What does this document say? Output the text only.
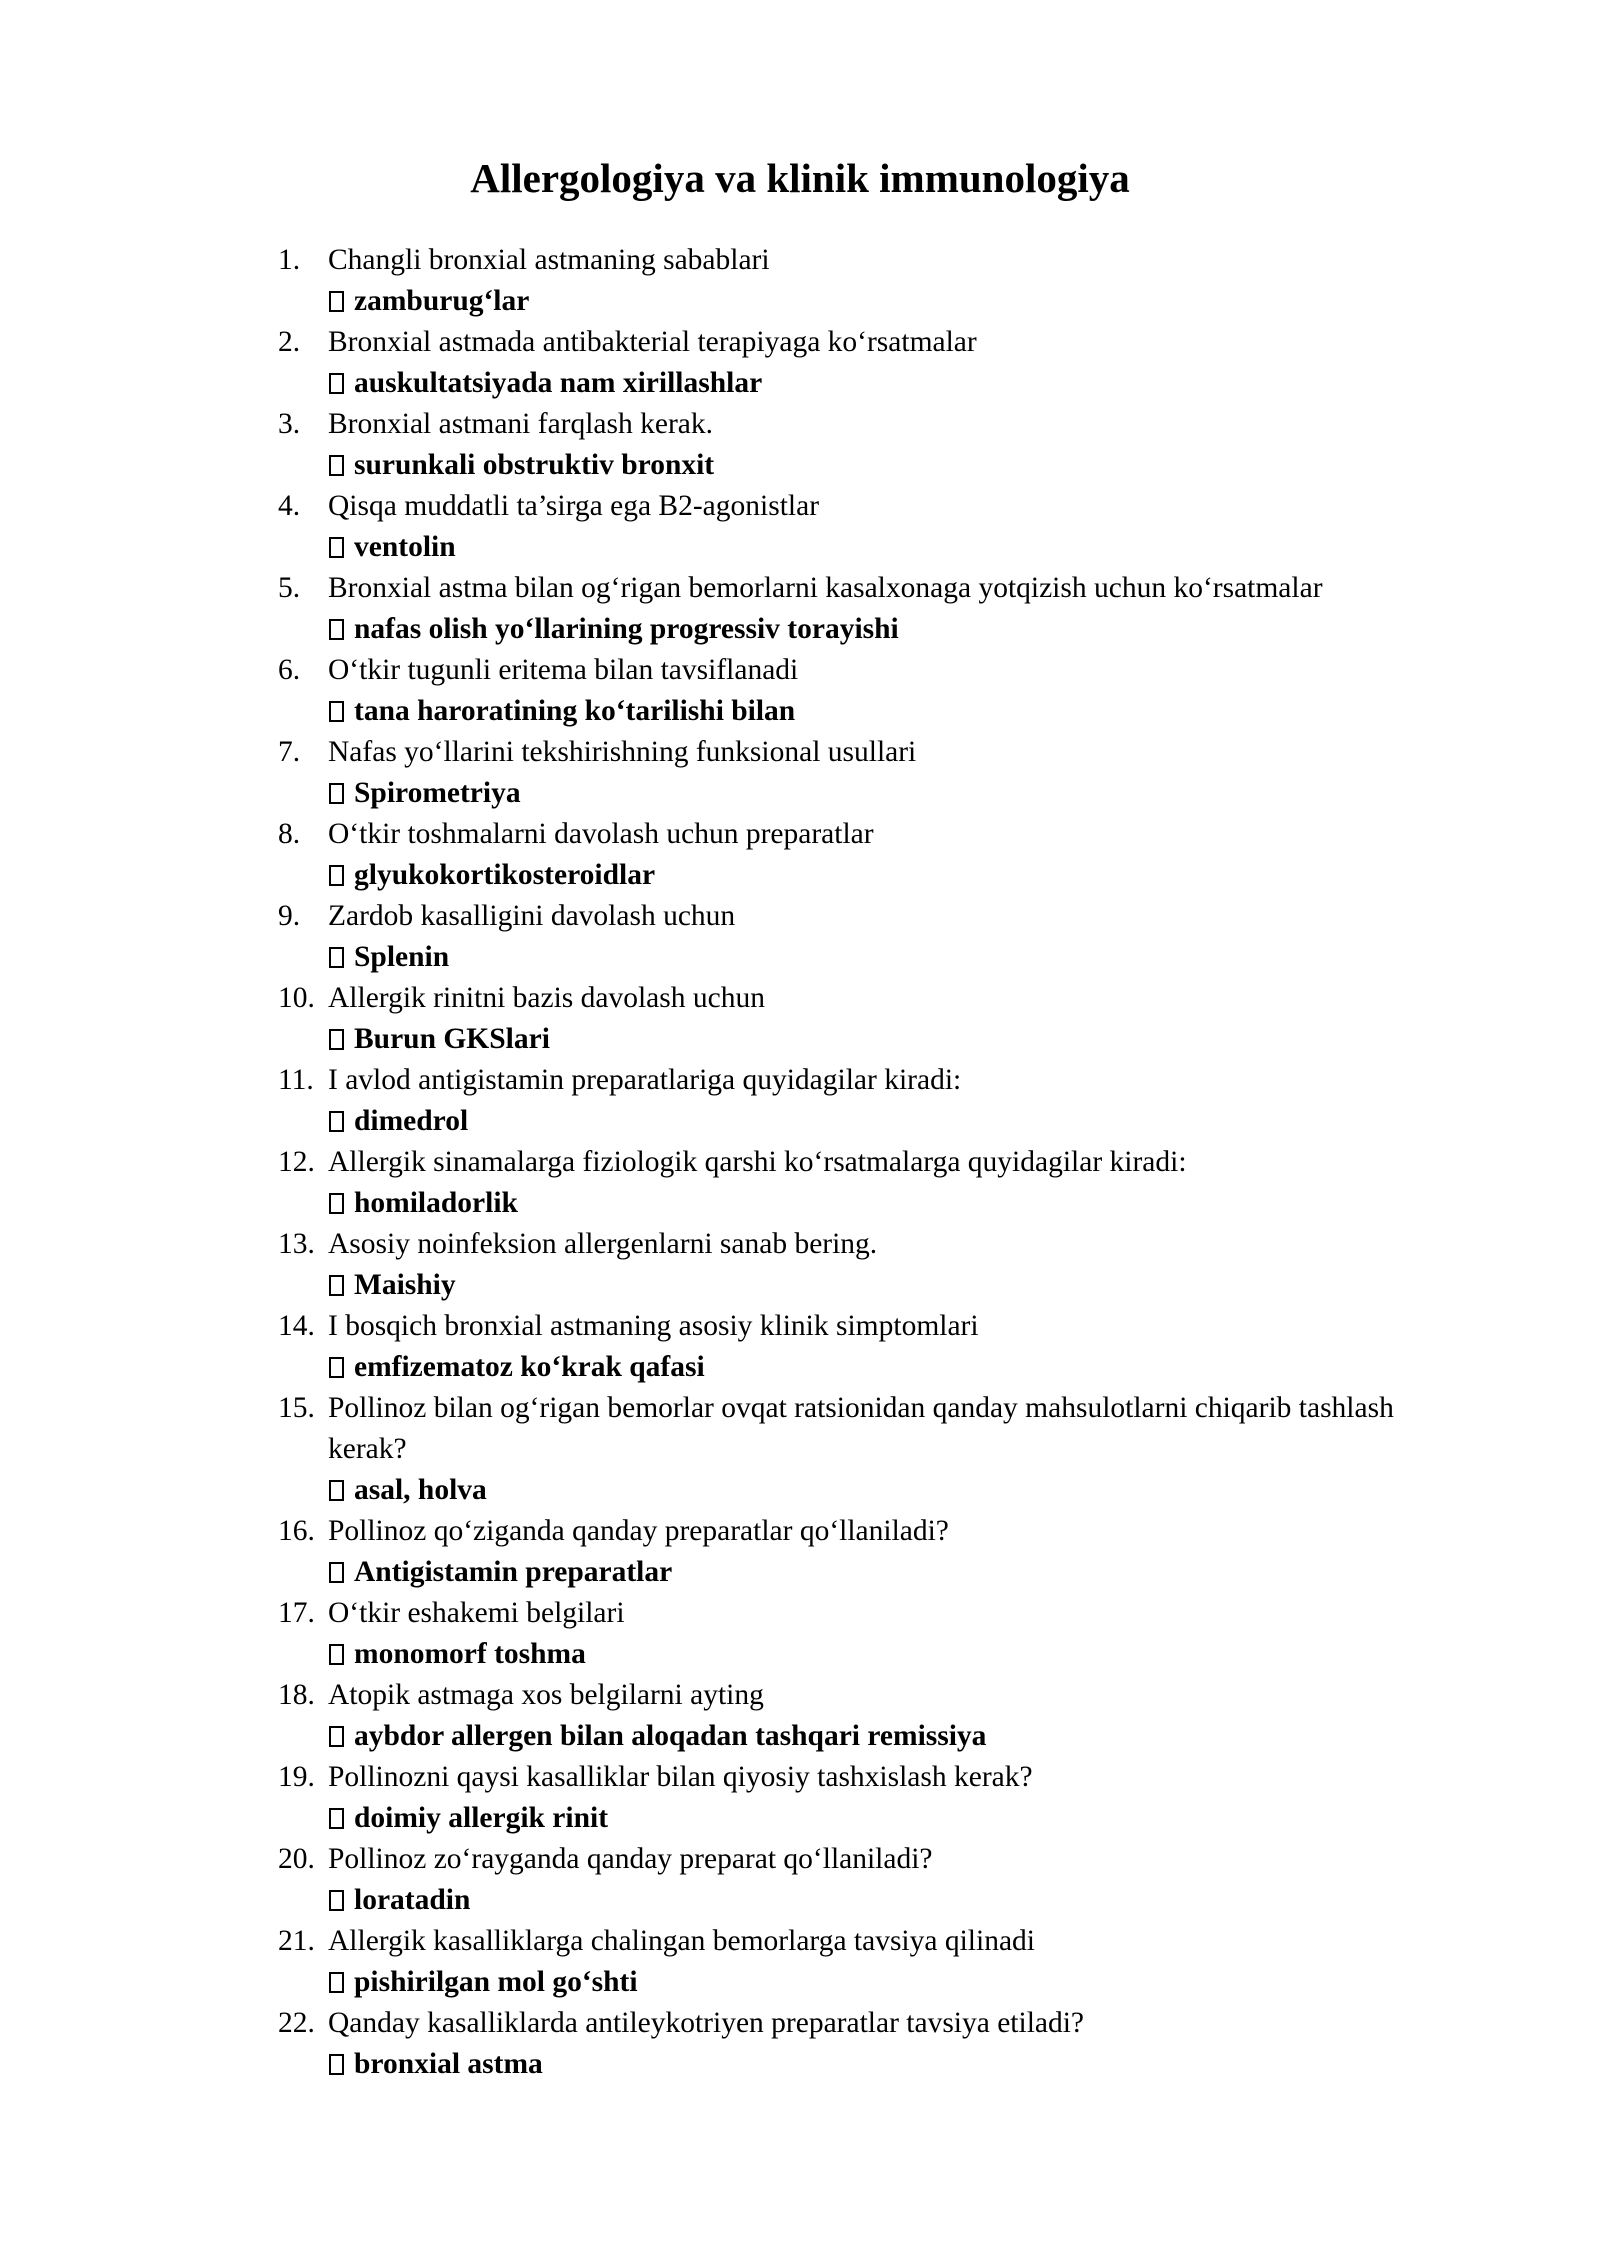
Allergologiya va klinik immunologiya
1. Changli bronxial astmaning sabablari
zamburug‘lar
2. Bronxial astmada antibakterial terapiyaga ko‘rsatmalar
auskultatsiyada nam xirillashlar
3. Bronxial astmani farqlash kerak.
surunkali obstruktiv bronxit
4. Qisqa muddatli ta’sirga ega B2-agonistlar
ventolin
5. Bronxial astma bilan og‘rigan bemorlarni kasalxonaga yotqizish uchun ko‘rsatmalar
nafas olish yo‘llarining progressiv torayishi
6. O‘tkir tugunli eritema bilan tavsiflanadi
tana haroratining ko‘tarilishi bilan
7. Nafas yo‘llarini tekshirishning funksional usullari
Spirometriya
8. O‘tkir toshmalarni davolash uchun preparatlar
glyukokortikosteroidlar
9. Zardob kasalligini davolash uchun
Splenin
10. Allergik rinitni bazis davolash uchun
Burun GKSlari
11. I avlod antigistamin preparatlariga quyidagilar kiradi:
dimedrol
12. Allergik sinamalarga fiziologik qarshi ko‘rsatmalarga quyidagilar kiradi:
homiladorlik
13. Asosiy noinfeksion allergenlarni sanab bering.
Maishiy
14. I bosqich bronxial astmaning asosiy klinik simptomlari
emfizematoz ko‘krak qafasi
15. Pollinoz bilan og‘rigan bemorlar ovqat ratsionidan qanday mahsulotlarni chiqarib tashlash kerak?
asal, holva
16. Pollinoz qo‘ziganda qanday preparatlar qo‘llaniladi?
Antigistamin preparatlar
17. O‘tkir eshakemi belgilari
monomorf toshma
18. Atopik astmaga xos belgilarni ayting
aybdor allergen bilan aloqadan tashqari remissiya
19. Pollinozni qaysi kasalliklar bilan qiyosiy tashxislash kerak?
doimiy allergik rinit
20. Pollinoz zo‘rayganda qanday preparat qo‘llaniladi?
loratadin
21. Allergik kasalliklarga chalingan bemorlarga tavsiya qilinadi
pishirilgan mol go‘shti
22. Qanday kasalliklarda antileykotriyen preparatlar tavsiya etiladi?
bronxial astma
